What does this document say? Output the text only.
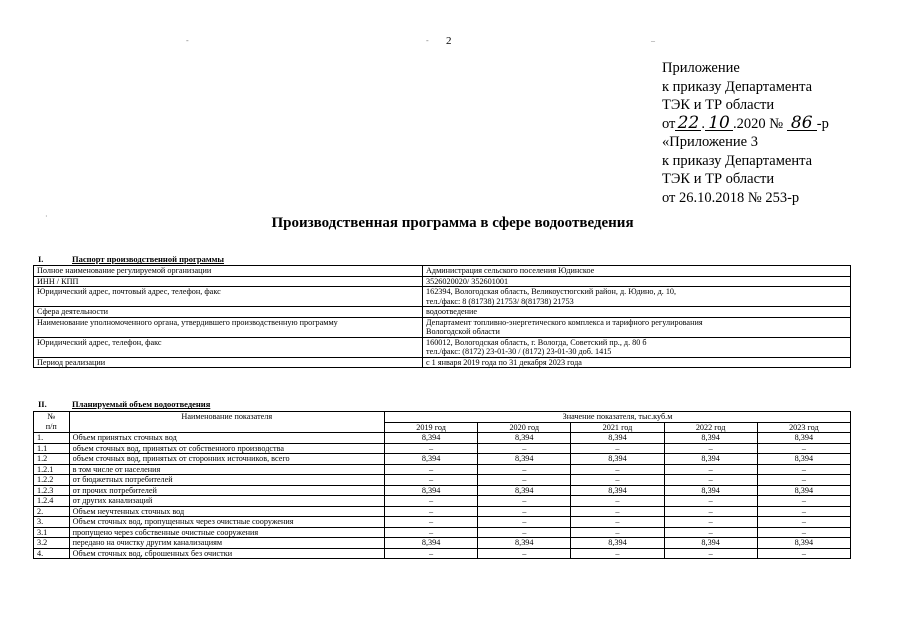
-	- 2	–
·
Приложение
к приказу Департамента
ТЭК и ТР области
от 22 . 10 .2020 № 86 -р
«Приложение 3
к приказу Департамента
ТЭК и ТР области
от 26.10.2018 № 253-р
Производственная программа в сфере водоотведения
I.	Паспорт производственной программы
Полное наименование регулируемой организации	Администрация сельского поселения Юдинское

ИНН / КПП	3526020020/ 352601001

Юридический адрес, почтовый адрес, телефон, факс	162394, Вологодская область, Великоустюгский район, д. Юдино, д. 10,
тел./факс: 8 (81738) 21753/ 8(81738) 21753

Сфера деятельности	водоотведение

Наименование уполномоченного органа, утвердившего производственную программу	Департамент топливно-энергетического комплекса и тарифного регулирования
Вологодской области

Юридический адрес, телефон, факс	160012, Вологодская область, г. Вологда, Советский пр., д. 80 б
тел./факс: (8172) 23-01-30 / (8172) 23-01-30 доб. 1415

Период реализации	с 1 января 2019 года по 31 декабря 2023 года
II.	Планируемый объем водоотведения
№
п/п	Наименование показателя	Значение показателя, тыс.куб.м				
		2019 год	2020 год	2021 год	2022 год	2023 год
1.	Объем принятых сточных вод	8,394	8,394	8,394	8,394	8,394
1.1	объем сточных вод, принятых от собственного производства	–	–	–	–	–
1.2	объем сточных вод, принятых от сторонних источников, всего	8,394	8,394	8,394	8,394	8,394
1.2.1	в том числе от населения	–	–	–	–	–
1.2.2	от бюджетных потребителей	–	–	–	–	–
1.2.3	от прочих потребителей	8,394	8,394	8,394	8,394	8,394
1.2.4	от других канализаций	–	–	–	–	–
2.	Объем неучтенных сточных вод	–	–	–	–	–
3.	Объем сточных вод, пропущенных через очистные сооружения	–	–	–	–	–
3.1	пропущено через собственные очистные сооружения	–	–	–	–	–
3.2	передано на очистку другим канализациям	8,394	8,394	8,394	8,394	8,394
4.	Объем сточных вод, сброшенных без очистки	–	–	–	–	–
